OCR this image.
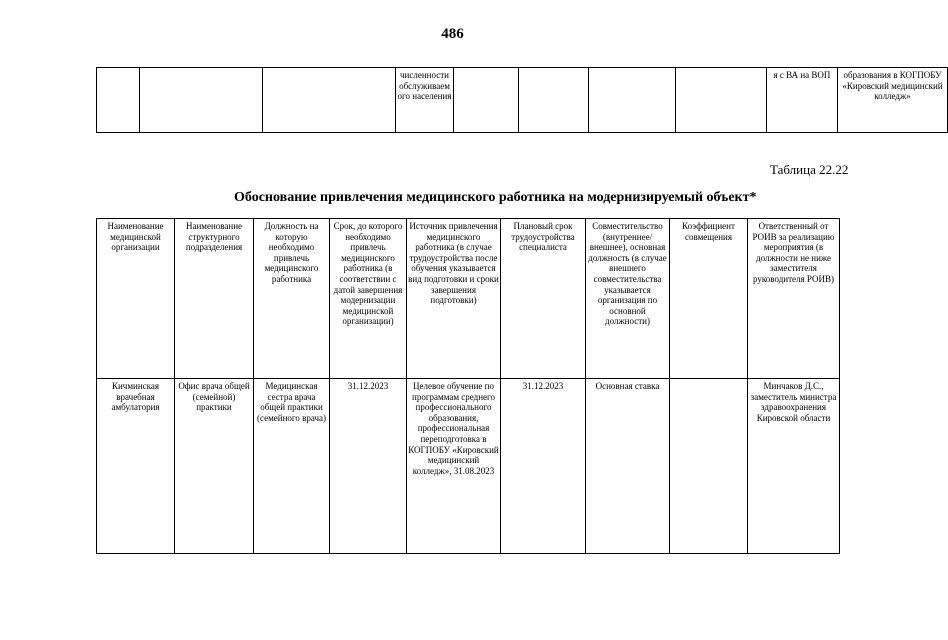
486
			численности обслуживаемого населения					я с ВА на ВОП	образования в КОГПОБУ «Кировский медицинский колледж»
Таблица 22.22
Обоснование привлечения медицинского работника на модернизируемый объект*
Наименование медицинской организации	Наименование структурного подразделения	Должность на которую необходимо привлечь медицинского работника	Срок, до которого необходимо привлечь медицинского работника (в соответствии с датой завершения модернизации медицинской организации)	Источник привлечения медицинского работника (в случае трудоустройства после обучения указывается вид подготовки и сроки завершения подготовки)	Плановый срок трудоустройства специалиста	Совместительство (внутреннее/внешнее), основная должность (в случае внешнего совместительства указывается организация по основной должности)	Коэффициент совмещения	Ответственный от РОИВ за реализацию мероприятия (в должности не ниже заместителя руководителя РОИВ)
Кичминская врачебная амбулатория	Офис врача общей (семейной) практики	Медицинская сестра врача общей практики (семейного врача)	31.12.2023	Целевое обучение по программам среднего профессионального образования, профессиональная переподготовка в КОГПОБУ «Кировский медицинский колледж», 31.08.2023	31.12.2023	Основная ставка		Минчаков Д.С., заместитель министра здравоохранения Кировской области
